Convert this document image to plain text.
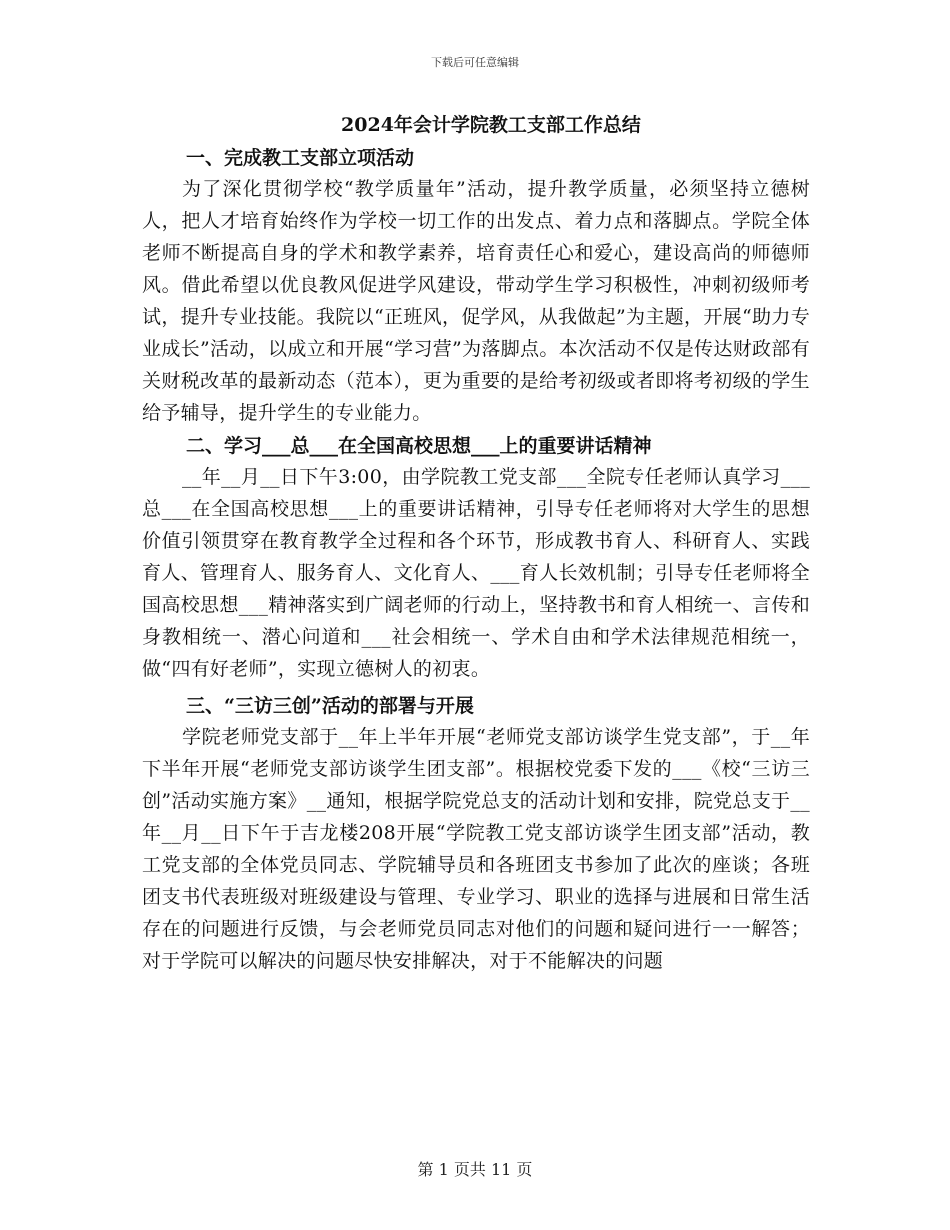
下载后可任意编辑
2024年会计学院教工支部工作总结
一、完成教工支部立项活动

为了深化贯彻学校“教学质量年”活动，提升教学质量，必须坚持立德树人，把人才培育始终作为学校一切工作的出发点、着力点和落脚点。学院全体老师不断提高自身的学术和教学素养，培育责任心和爱心，建设高尚的师德师风。借此希望以优良教风促进学风建设，带动学生学习积极性，冲刺初级师考试，提升专业技能。我院以“正班风，促学风，从我做起”为主题，开展“助力专业成长”活动，以成立和开展“学习营”为落脚点。本次活动不仅是传达财政部有关财税改革的最新动态（范本），更为重要的是给考初级或者即将考初级的学生给予辅导，提升学生的专业能力。

二、学习___总___在全国高校思想___上的重要讲话精神

__年__月__日下午3:00，由学院教工党支部___全院专任老师认真学习___总___在全国高校思想___上的重要讲话精神，引导专任老师将对大学生的思想价值引领贯穿在教育教学全过程和各个环节，形成教书育人、科研育人、实践育人、管理育人、服务育人、文化育人、___育人长效机制；引导专任老师将全国高校思想___精神落实到广阔老师的行动上，坚持教书和育人相统一、言传和身教相统一、潜心问道和___社会相统一、学术自由和学术法律规范相统一，做“四有好老师”，实现立德树人的初衷。

三、“三访三创”活动的部署与开展

学院老师党支部于__年上半年开展“老师党支部访谈学生党支部”，于__年下半年开展“老师党支部访谈学生团支部”。根据校党委下发的___《校“三访三创”活动实施方案》__通知，根据学院党总支的活动计划和安排，院党总支于__年__月__日下午于吉龙楼208开展“学院教工党支部访谈学生团支部”活动，教工党支部的全体党员同志、学院辅导员和各班团支书参加了此次的座谈；各班团支书代表班级对班级建设与管理、专业学习、职业的选择与进展和日常生活存在的问题进行反馈，与会老师党员同志对他们的问题和疑问进行一一解答；对于学院可以解决的问题尽快安排解决，对于不能解决的问题

第 1 页共 11 页
